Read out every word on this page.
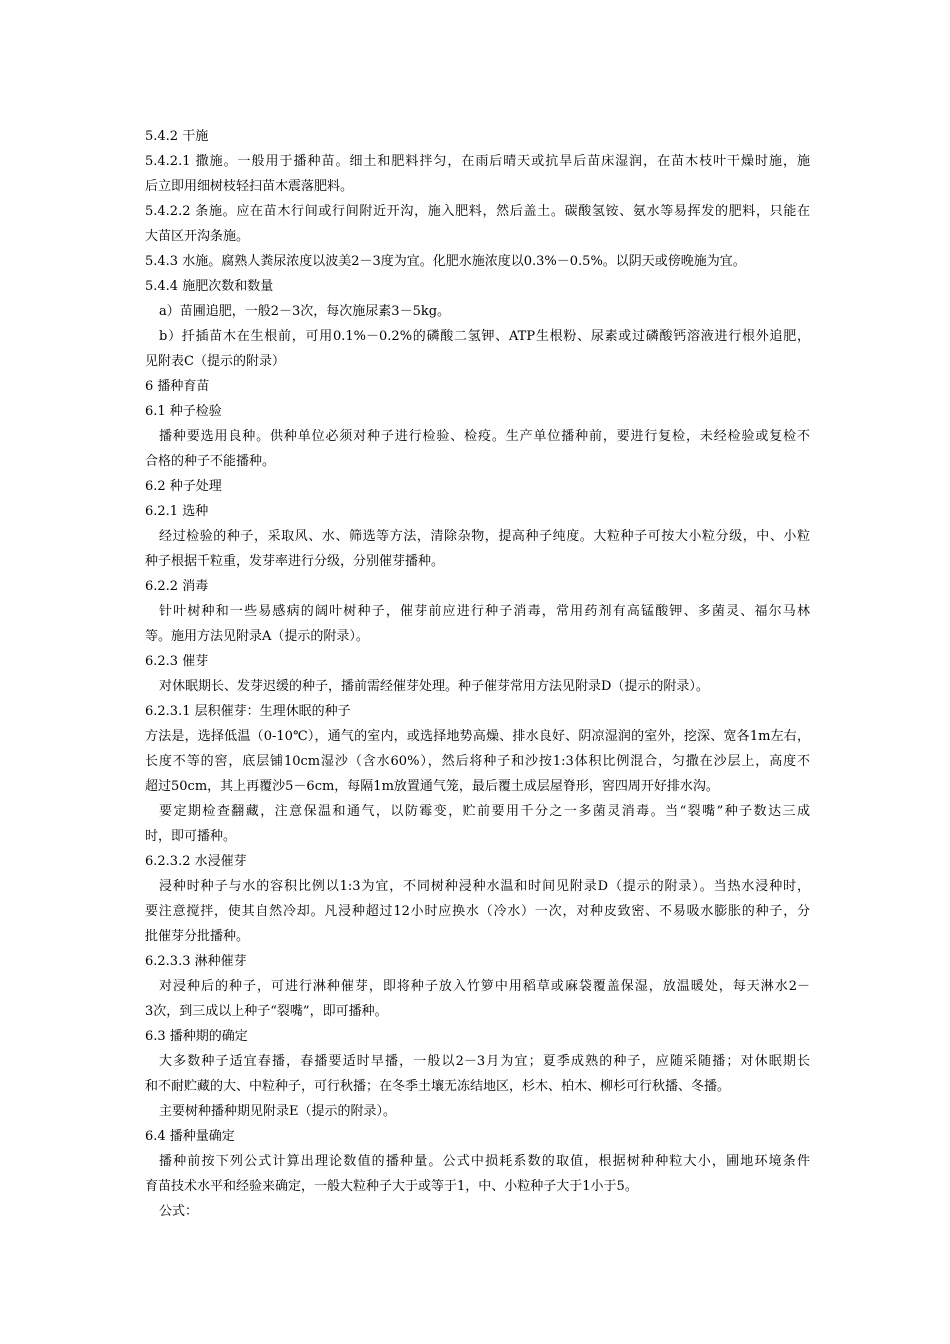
5.4.2 干施
5.4.2.1 撒施。一般用于播种苗。细土和肥料拌匀，在雨后晴天或抗旱后苗床湿润，在苗木枝叶干燥时施，施
后立即用细树枝轻扫苗木震落肥料。
5.4.2.2 条施。应在苗木行间或行间附近开沟，施入肥料，然后盖土。碳酸氢铵、氨水等易挥发的肥料，只能在
大苗区开沟条施。
5.4.3 水施。腐熟人粪尿浓度以波美2－3度为宜。化肥水施浓度以0.3%－0.5%。以阴天或傍晚施为宜。
5.4.4 施肥次数和数量
a）苗圃追肥，一般2－3次，每次施尿素3－5kg。
b）扦插苗木在生根前，可用0.1%－0.2%的磷酸二氢钾、ATP生根粉、尿素或过磷酸钙溶液进行根外追肥，
见附表C（提示的附录）
6 播种育苗
6.1 种子检验
播种要选用良种。供种单位必须对种子进行检验、检疫。生产单位播种前，要进行复检，未经检验或复检不
合格的种子不能播种。
6.2 种子处理
6.2.1 选种
经过检验的种子，采取风、水、筛选等方法，清除杂物，提高种子纯度。大粒种子可按大小粒分级，中、小粒
种子根据千粒重，发芽率进行分级，分别催芽播种。
6.2.2 消毒
针叶树种和一些易感病的阔叶树种子，催芽前应进行种子消毒，常用药剂有高锰酸钾、多菌灵、福尔马林
等。施用方法见附录A（提示的附录）。
6.2.3 催芽
对休眠期长、发芽迟缓的种子，播前需经催芽处理。种子催芽常用方法见附录D（提示的附录）。
6.2.3.1 层积催芽：生理休眠的种子
方法是，选择低温（0-10℃），通气的室内，或选择地势高燥、排水良好、阴凉湿润的室外，挖深、宽各1m左右，
长度不等的窖，底层铺10cm湿沙（含水60%），然后将种子和沙按1:3体积比例混合，匀撒在沙层上，高度不
超过50cm，其上再覆沙5－6cm，每隔1m放置通气笼，最后覆土成层屋脊形，窖四周开好排水沟。
要定期检查翻藏，注意保温和通气，以防霉变，贮前要用千分之一多菌灵消毒。当“裂嘴”种子数达三成
时，即可播种。
6.2.3.2 水浸催芽
浸种时种子与水的容积比例以1:3为宜，不同树种浸种水温和时间见附录D（提示的附录）。当热水浸种时，
要注意搅拌，使其自然冷却。凡浸种超过12小时应换水（冷水）一次，对种皮致密、不易吸水膨胀的种子，分
批催芽分批播种。
6.2.3.3 淋种催芽
对浸种后的种子，可进行淋种催芽，即将种子放入竹箩中用稻草或麻袋覆盖保湿，放温暖处，每天淋水2－
3次，到三成以上种子“裂嘴”，即可播种。
6.3 播种期的确定
大多数种子适宜春播，春播要适时早播，一般以2－3月为宜；夏季成熟的种子，应随采随播；对休眠期长
和不耐贮藏的大、中粒种子，可行秋播；在冬季土壤无冻结地区，杉木、柏木、柳杉可行秋播、冬播。
主要树种播种期见附录E（提示的附录）。
6.4 播种量确定
播种前按下列公式计算出理论数值的播种量。公式中损耗系数的取值，根据树种种粒大小，圃地环境条件
育苗技术水平和经验来确定，一般大粒种子大于或等于1，中、小粒种子大于1小于5。
公式：
